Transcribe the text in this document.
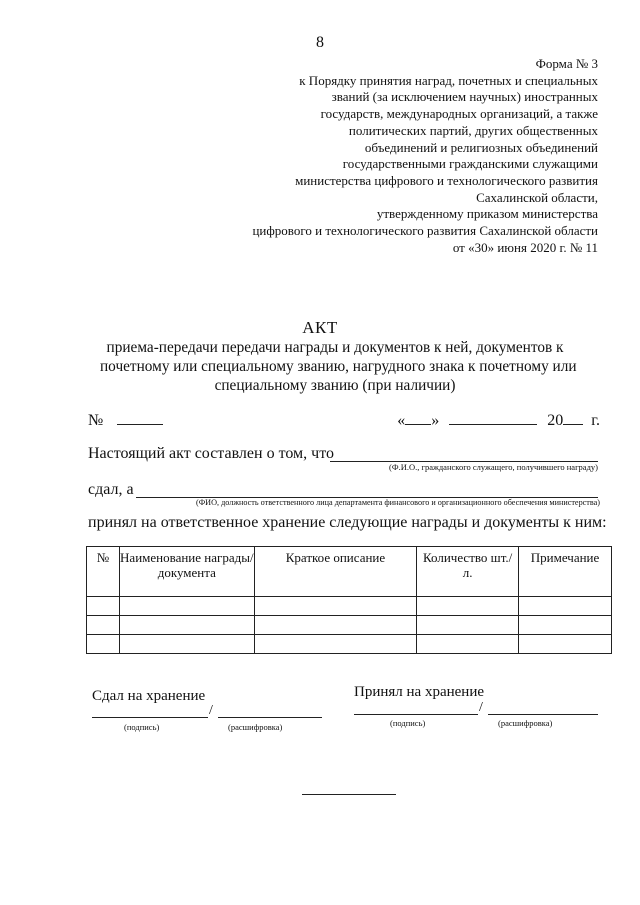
8
Форма № 3
к Порядку принятия наград, почетных и специальных
званий (за исключением научных) иностранных
государств, международных организаций, а также
политических партий, других общественных
объединений и религиозных объединений
государственными гражданскими служащими
министерства цифрового и технологического развития
Сахалинской области,
утвержденному приказом министерства
цифрового и технологического развития Сахалинской области
от «30» июня 2020 г. № 11
АКТ
приема-передачи передачи награды и документов к ней, документов к
почетному или специальному званию, нагрудного знака к почетному или
специальному званию (при наличии)
№	« »	20 г.
Настоящий акт составлен о том, что
(Ф.И.О., гражданского служащего, получившего награду)
сдал, а
(ФИО, должность ответственного лица департамента финансового и организационного обеспечения министерства)
принял на ответственное хранение следующие награды и документы к ним:
№	Наименование награды/ документа	Краткое описание	Количество шт./ л.	Примечание

Сдал на хранение
/
(подпись)	(расшифровка)
Принял на хранение
/
(подпись)	(расшифровка)
